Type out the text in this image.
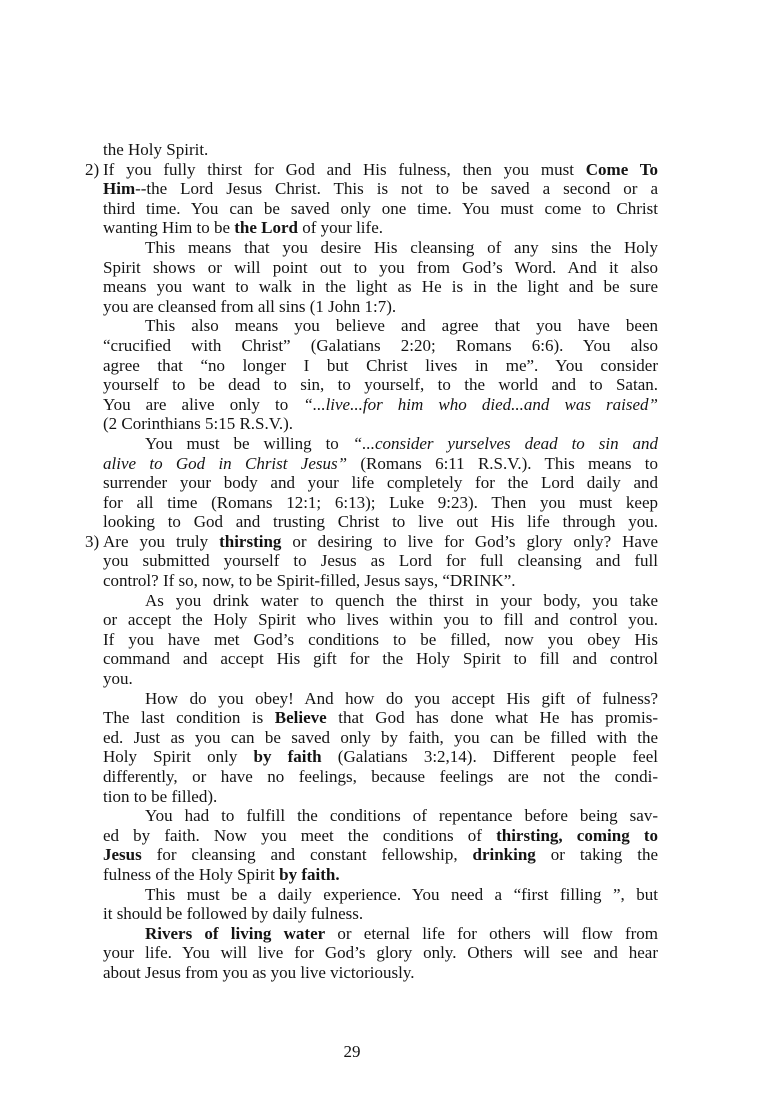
the Holy Spirit.
2) If you fully thirst for God and His fulness, then you must Come To
Him--the Lord Jesus Christ. This is not to be saved a second or a
third time. You can be saved only one time. You must come to Christ
wanting Him to be the Lord of your life.
This means that you desire His cleansing of any sins the Holy
Spirit shows or will point out to you from God’s Word. And it also
means you want to walk in the light as He is in the light and be sure
you are cleansed from all sins (1 John 1:7).
This also means you believe and agree that you have been
“crucified with Christ” (Galatians 2:20; Romans 6:6). You also
agree that “no longer I but Christ lives in me”. You consider
yourself to be dead to sin, to yourself, to the world and to Satan.
You are alive only to “...live...for him who died...and was raised”
(2 Corinthians 5:15 R.S.V.).
You must be willing to “...consider yurselves dead to sin and
alive to God in Christ Jesus” (Romans 6:11 R.S.V.). This means to
surrender your body and your life completely for the Lord daily and
for all time (Romans 12:1; 6:13); Luke 9:23). Then you must keep
looking to God and trusting Christ to live out His life through you.
3) Are you truly thirsting or desiring to live for God’s glory only? Have
you submitted yourself to Jesus as Lord for full cleansing and full
control? If so, now, to be Spirit-filled, Jesus says, “DRINK”.
As you drink water to quench the thirst in your body, you take
or accept the Holy Spirit who lives within you to fill and control you.
If you have met God’s conditions to be filled, now you obey His
command and accept His gift for the Holy Spirit to fill and control
you.
How do you obey! And how do you accept His gift of fulness?
The last condition is Believe that God has done what He has promis-
ed. Just as you can be saved only by faith, you can be filled with the
Holy Spirit only by faith (Galatians 3:2,14). Different people feel
differently, or have no feelings, because feelings are not the condi-
tion to be filled).
You had to fulfill the conditions of repentance before being sav-
ed by faith. Now you meet the conditions of thirsting, coming to
Jesus for cleansing and constant fellowship, drinking or taking the
fulness of the Holy Spirit by faith.
This must be a daily experience. You need a “first filling ”, but
it should be followed by daily fulness.
Rivers of living water or eternal life for others will flow from
your life. You will live for God’s glory only. Others will see and hear
about Jesus from you as you live victoriously.
29
